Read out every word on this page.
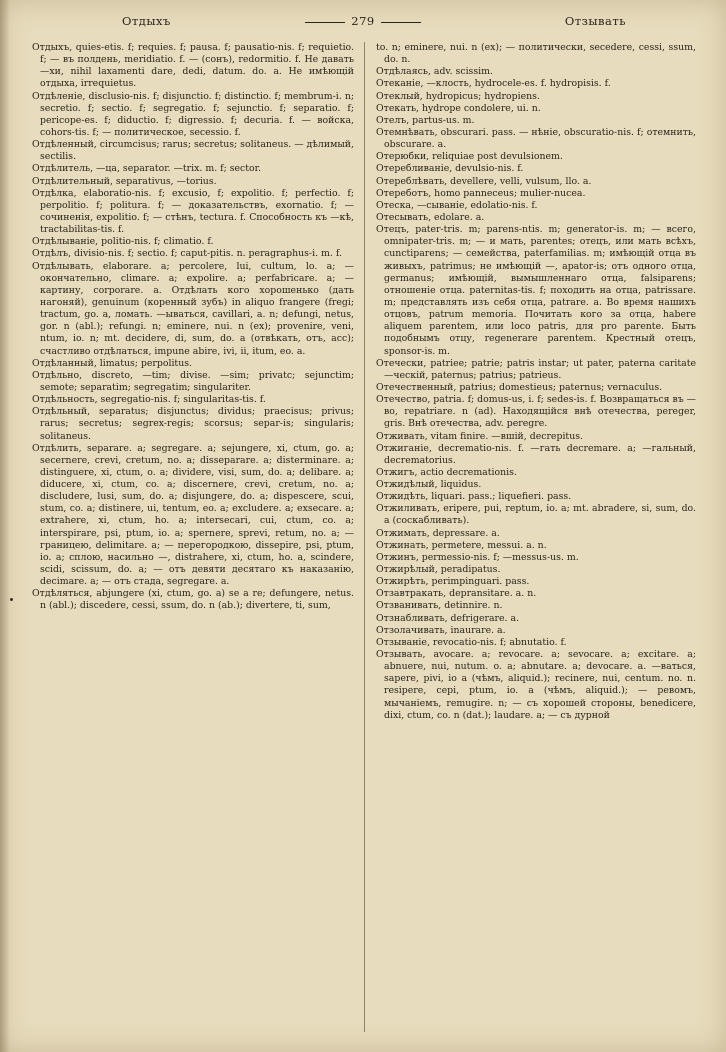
Отдыхъ	279	Отзывать

Отдыхъ, quies-etis. f; requies. f; pausa. f; pausatio-nis. f; requietio. f; — въ полдень, meridiatio. f. — (сонъ), redormitio. f. Не давать —хи, nihil laxamenti dare, dedi, datum. do. a. Не имѣющій отдыха, irrequietus.

Отдѣленіе, disclusio-nis. f; disjunctio. f; distinctio. f; membrum-i. n; secretio. f; sectio. f; segregatio. f; sejunctio. f; separatio. f; pericope-es. f; diductio. f; digressio. f; decuria. f. — войска, cohors-tis. f; — политическое, secessio. f.

Отдѣленный, circumcisus; rarus; secretus; solitaneus. — дѣлимый, sectilis.

Отдѣлитель, —ца, separator. —trix. m. f; sector.

Отдѣлительный, separativus, —torius.

Отдѣлка, elaboratio-nis. f; excusio, f; expolitio. f; perfectio. f; perpolitio. f; politura. f; — доказательствъ, exornatio. f; —сочиненія, expolitio. f; — стѣнъ, tectura. f. Способность къ —кѣ, tractabilitas-tis. f.

Отдѣлываніе, politio-nis. f; climatio. f.

Отдѣлъ, divisio-nis. f; sectio. f; caput-pitis. n. peragraphus-i. m. f.

Отдѣлывать, elaborare. a; percolere, lui, cultum, lo. a; — окончательно, climare. a; expolire. a; perfabricare. a; — картину, corporare. a. Отдѣлать кого хорошенько (дать нагоняй), genuinum (коренный зубъ) in aliquo frangere (fregi; tractum, go. a, ломать. —ываться, cavillari, a. n; defungi, netus, gor. n (abl.); refungi. n; eminere, nui. n (ex); provenire, veni, ntum, io. n; mt. decidere, di, sum, do. a (отвѣкать, отъ, acc); счастливо отдѣлаться, impune abire, ivi, ii, itum, eo. a.

Отдѣланный, limatus; perpolitus.

Отдѣльно, discreto, —tim; divise. —sim; privatc; sejunctim; semote; separatim; segregatim; singulariter.

Отдѣльность, segregatio-nis. f; singularitas-tis. f.

Отдѣльный, separatus; disjunctus; dividus; praecisus; privus; rarus; secretus; segrex-regis; scorsus; separ-is; singularis; solitaneus.

Отдѣлить, separare. a; segregare. a; sejungere, xi, ctum, go. a; secernere, crevi, cretum, no. a; disseparare. a; disterminare. a; distinguere, xi, ctum, o. a; dividere, visi, sum, do. a; delibare. a; diducere, xi, ctum, co. a; discernere, crevi, cretum, no. a; discludere, lusi, sum, do. a; disjungere, do. a; dispescere, scui, stum, co. a; distinere, ui, tentum, eo. a; excludere. a; exsecare. a; extrahere, xi, ctum, ho. a; intersecari, cui, ctum, co. a; interspirare, psi, ptum, io. a; spernere, sprevi, retum, no. a; — границею, delimitare. a; — перегородкою, dissepire, psi, ptum, io. a; сплою, насильно —, distrahere, xi, ctum, ho. a, scindere, scidi, scissum, do. a; — отъ девяти десятаго къ наказанію, decimare. a; — отъ стада, segregare. a.

Отдѣляться, abjungere (xi, ctum, go. a) se a re; defungere, netus. n (abl.); discedere, cessi, ssum, do. n (ab.); divertere, ti, sum,

to. n; eminere, nui. n (ex); — политически, secedere, cessi, ssum, do. n.

Отдѣлаясь, adv. scissim.

Отеканіе, —клость, hydrocele-es. f. hydropisis. f.

Отеклый, hydropicus; hydropiens.

Отекать, hydrope condolere, ui. n.

Отелъ, partus-us. m.

Отемнѣвать, obscurari. pass. — нѣніе, obscuratio-nis. f; отемнить, obscurare. a.

Отерюбки, reliquiae post devulsionem.

Отеребливаніе, devulsio-nis. f.

Отереблѣвать, devellere, velli, vulsum, llo. a.

Отереботъ, homo panneceus; mulier-nucea.

Отеска, —сываніе, edolatio-nis. f.

Отесывать, edolare. a.

Отецъ, pater-tris. m; parens-ntis. m; generator-is. m; — всего, omnipater-tris. m; — и мать, parentes; отецъ, или мать всѣхъ, cunctiparens; — семейства, paterfamilias. m; имѣющій отца въ живыхъ, patrimus; не имѣющій —, apator-is; отъ одного отца, germanus; имѣющій, вымышленнаго отца, falsiparens; отношеніе отца. paternitas-tis. f; походить на отца, patrissare. m; представлять изъ себя отца, patrare. a. Во время нашихъ отцовъ, patrum memoria. Почитать кого за отца, habere aliquem parentem, или loco patris, для pro parente. Быть подобнымъ отцу, regenerare parentem. Крестный отецъ, sponsor-is. m.

Отечески, patriee; patrie; patris instar; ut pater, paterna caritate —ческій, paternus; patrius; patrieus.

Отечественный, patrius; domestieus; paternus; vernaculus.

Отечество, patria. f; domus-us, i. f; sedes-is. f. Возвращаться въ —во, repatriare. n (ad). Находящійся внѣ отечества, pereger, gris. Внѣ отечества, adv. peregre.

Отживать, vitam finire. —вшій, decrepitus.

Отжиганіе, decrematio-nis. f. —гать decremare. a; —гальный, decrematorius.

Отжигъ, actio decremationis.

Отжидѣлый, liquidus.

Отжидѣть, liquari. pass.; liquefieri. pass.

Отжиливать, eripere, pui, reptum, io. a; mt. abradere, si, sum, do. a (соскабливать).

Отжимать, depressare. a.

Отжинать, permetere, messui. a. n.

Отжинъ, permessio-nis. f; —messus-us. m.

Отжирѣлый, peradipatus.

Отжирѣть, perimpinguari. pass.

Отзавтракать, depransitare. a. n.

Отзванивать, detinnire. n.

Отзнабливать, defrigerare. a.

Отзолачивать, inaurare. a.

Отзываніе, revocatio-nis. f; abnutatio. f.

Отзывать, avocare. a; revocare. a; sevocare. a; excitare. a; abnuere, nui, nutum. o. a; abnutare. a; devocare. a. —ваться, sapere, pivi, io a (чѣмъ, aliquid.); recinere, nui, centum. no. n. resipere, cepi, ptum, io. a (чѣмъ, aliquid.); — ревомъ, мычаніемъ, remugire. n; — съ хорошей стороны, benedicere, dixi, ctum, co. n (dat.); laudare. a; — съ дурной
